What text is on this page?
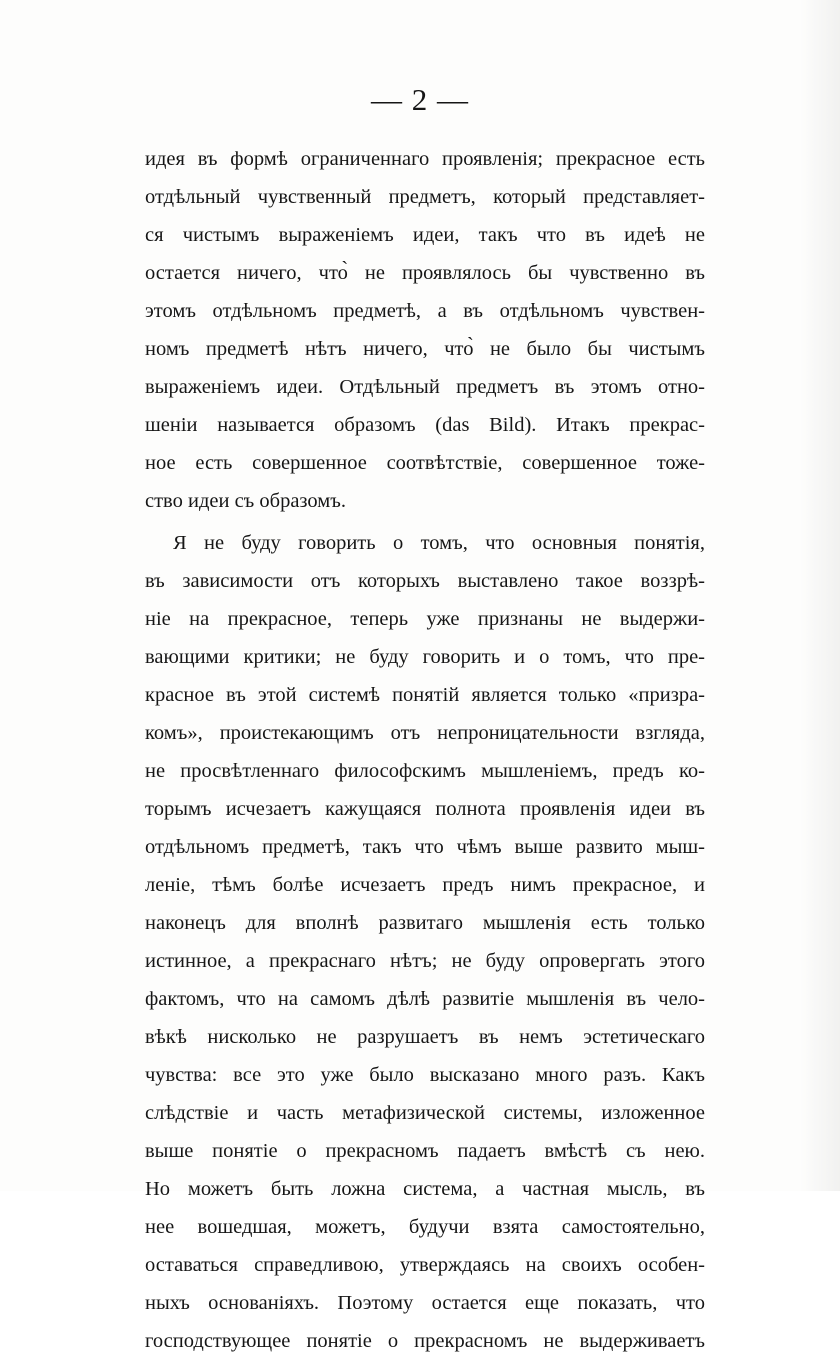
— 2 —
идея въ формѣ ограниченнаго проявленія; прекрасное есть
отдѣльный чувственный предметъ, который представляет-
ся чистымъ выраженіемъ идеи, такъ что въ идеѣ не
остается ничего, что̀ не проявлялось бы чувственно въ
этомъ отдѣльномъ предметѣ, а въ отдѣльномъ чувствен-
номъ предметѣ нѣтъ ничего, что̀ не было бы чистымъ
выраженіемъ идеи. Отдѣльный предметъ въ этомъ отно-
шеніи называется образомъ (das Bild). Итакъ прекрас-
ное есть совершенное соотвѣтствіе, совершенное тоже-
ство идеи съ образомъ.
Я не буду говорить о томъ, что основныя понятія,
въ зависимости отъ которыхъ выставлено такое воззрѣ-
ніе на прекрасное, теперь уже признаны не выдержи-
вающими критики; не буду говорить и о томъ, что пре-
красное въ этой системѣ понятій является только «призра-
комъ», проистекающимъ отъ непроницательности взгляда,
не просвѣтленнаго философскимъ мышленіемъ, предъ ко-
торымъ исчезаетъ кажущаяся полнота проявленія идеи въ
отдѣльномъ предметѣ, такъ что чѣмъ выше развито мыш-
леніе, тѣмъ болѣе исчезаетъ предъ нимъ прекрасное, и
наконецъ для вполнѣ развитаго мышленія есть только
истинное, а прекраснаго нѣтъ; не буду опровергать этого
фактомъ, что на самомъ дѣлѣ развитіе мышленія въ чело-
вѣкѣ нисколько не разрушаетъ въ немъ эстетическаго
чувства: все это уже было высказано много разъ. Какъ
слѣдствіе и часть метафизической системы, изложенное
выше понятіе о прекрасномъ падаетъ вмѣстѣ съ нею.
Но можетъ быть ложна система, а частная мысль, въ
нее вошедшая, можетъ, будучи взята самостоятельно,
оставаться справедливою, утверждаясь на своихъ особен-
ныхъ основаніяхъ. Поэтому остается еще показать, что
господствующее понятіе о прекрасномъ не выдерживаетъ
